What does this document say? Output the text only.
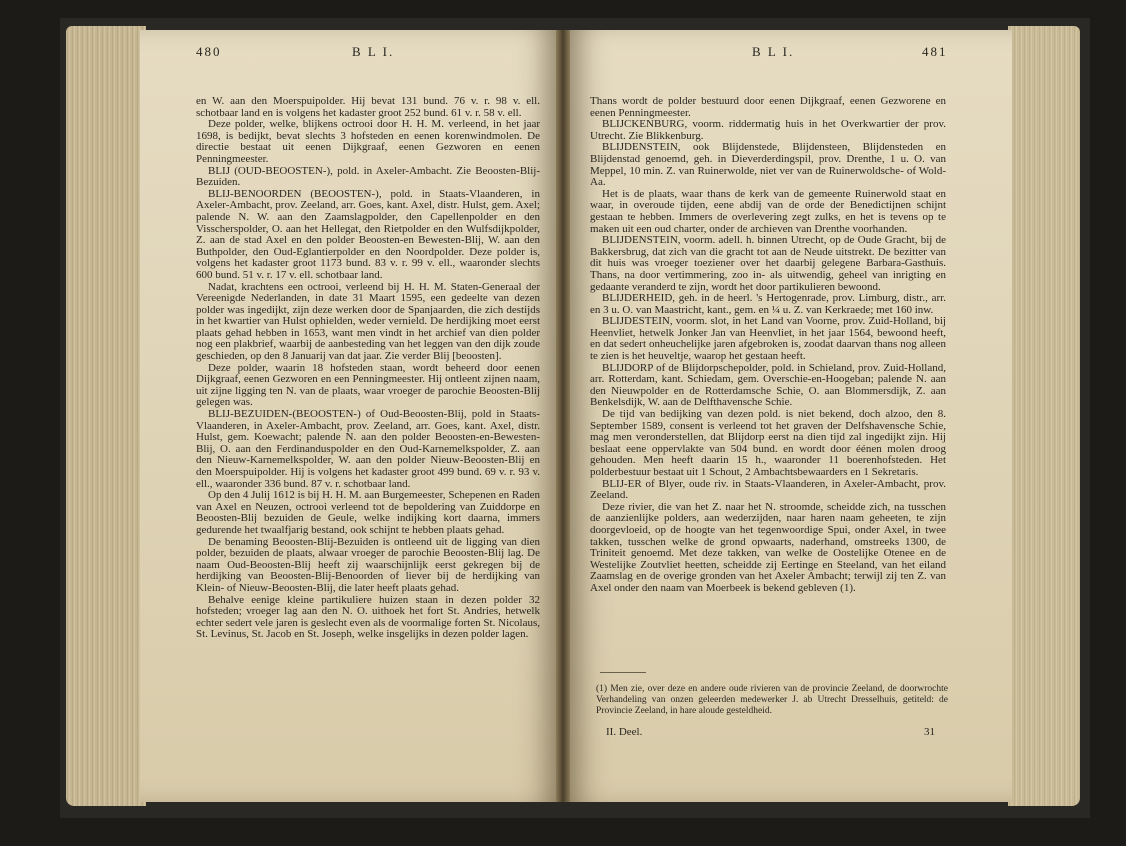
480	B L I.	B L I.	481

en W. aan den Moerspuipolder. Hij bevat 131 bund. 76 v. r. 98 v. ell. schotbaar land en is volgens het kadaster groot 252 bund. 61 v. r. 58 v. ell.

Deze polder, welke, blijkens octrooi door H. H. M. verleend, in het jaar 1698, is bedijkt, bevat slechts 3 hofsteden en eenen korenwindmolen. De directie bestaat uit eenen Dijkgraaf, eenen Gezworen en eenen Penningmeester.

BLIJ (OUD-BEOOSTEN-), pold. in Axeler-Ambacht. Zie Beoosten-Blij-Bezuiden.

BLIJ-BENOORDEN (BEOOSTEN-), pold. in Staats-Vlaanderen, in Axeler-Ambacht, prov. Zeeland, arr. Goes, kant. Axel, distr. Hulst, gem. Axel; palende N. W. aan den Zaamslagpolder, den Capellenpolder en den Visscherspolder, O. aan het Hellegat, den Rietpolder en den Wulfsdijkpolder, Z. aan de stad Axel en den polder Beoosten-en Bewesten-Blij, W. aan den Buthpolder, den Oud-Eglantierpolder en den Noordpolder. Deze polder is, volgens het kadaster groot 1173 bund. 83 v. r. 99 v. ell., waaronder slechts 600 bund. 51 v. r. 17 v. ell. schotbaar land.

Nadat, krachtens een octrooi, verleend bij H. H. M. Staten-Generaal der Vereenigde Nederlanden, in date 31 Maart 1595, een gedeelte van dezen polder was ingedijkt, zijn deze werken door de Spanjaarden, die zich destijds in het kwartier van Hulst ophielden, weder vernield. De herdijking moet eerst plaats gehad hebben in 1653, want men vindt in het archief van dien polder nog een plakbrief, waarbij de aanbesteding van het leggen van den dijk zoude geschieden, op den 8 Januarij van dat jaar. Zie verder Blij [beoosten].

Deze polder, waarin 18 hofsteden staan, wordt beheerd door eenen Dijkgraaf, eenen Gezworen en een Penningmeester. Hij ontleent zijnen naam, uit zijne ligging ten N. van de plaats, waar vroeger de parochie Beoosten-Blij gelegen was.

BLIJ-BEZUIDEN-(BEOOSTEN-) of Oud-Beoosten-Blij, pold in Staats-Vlaanderen, in Axeler-Ambacht, prov. Zeeland, arr. Goes, kant. Axel, distr. Hulst, gem. Koewacht; palende N. aan den polder Beoosten-en-Bewesten-Blij, O. aan den Ferdinanduspolder en den Oud-Karnemelkspolder, Z. aan den Nieuw-Karnemelkspolder, W. aan den polder Nieuw-Beoosten-Blij en den Moerspuipolder. Hij is volgens het kadaster groot 499 bund. 69 v. r. 93 v. ell., waaronder 336 bund. 87 v. r. schotbaar land.

Op den 4 Julij 1612 is bij H. H. M. aan Burgemeester, Schepenen en Raden van Axel en Neuzen, octrooi verleend tot de bepoldering van Zuiddorpe en Beoosten-Blij bezuiden de Geule, welke indijking kort daarna, immers gedurende het twaalfjarig bestand, ook schijnt te hebben plaats gehad.

De benaming Beoosten-Blij-Bezuiden is ontleend uit de ligging van dien polder, bezuiden de plaats, alwaar vroeger de parochie Beoosten-Blij lag. De naam Oud-Beoosten-Blij heeft zij waarschijnlijk eerst gekregen bij de herdijking van Beoosten-Blij-Benoorden of liever bij de herdijking van Klein- of Nieuw-Beoosten-Blij, die later heeft plaats gehad.

Behalve eenige kleine partikuliere huizen staan in dezen polder 32 hofsteden; vroeger lag aan den N. O. uithoek het fort St. Andries, hetwelk echter sedert vele jaren is geslecht even als de voormalige forten St. Nicolaus, St. Levinus, St. Jacob en St. Joseph, welke insgelijks in dezen polder lagen.

Thans wordt de polder bestuurd door eenen Dijkgraaf, eenen Gezworene en eenen Penningmeester.

BLIJCKENBURG, voorm. riddermatig huis in het Overkwartier der prov. Utrecht. Zie Blikkenburg.

BLIJDENSTEIN, ook Blijdenstede, Blijdensteen, Blijdensteden en Blijdenstad genoemd, geh. in Dieverderdingspil, prov. Drenthe, 1 u. O. van Meppel, 10 min. Z. van Ruinerwolde, niet ver van de Ruinerwoldsche- of Wold-Aa.

Het is de plaats, waar thans de kerk van de gemeente Ruinerwold staat en waar, in overoude tijden, eene abdij van de orde der Benedictijnen schijnt gestaan te hebben. Immers de overlevering zegt zulks, en het is tevens op te maken uit een oud charter, onder de archieven van Drenthe voorhanden.

BLIJDENSTEIN, voorm. adell. h. binnen Utrecht, op de Oude Gracht, bij de Bakkersbrug, dat zich van die gracht tot aan de Neude uitstrekt. De bezitter van dit huis was vroeger toeziener over het daarbij gelegene Barbara-Gasthuis. Thans, na door vertimmering, zoo in- als uitwendig, geheel van inrigting en gedaante veranderd te zijn, wordt het door partikulieren bewoond.

BLIJDERHEID, geh. in de heerl. 's Hertogenrade, prov. Limburg, distr., arr. en 3 u. O. van Maastricht, kant., gem. en ¼ u. Z. van Kerkraede; met 160 inw.

BLIJDESTEIN, voorm. slot, in het Land van Voorne, prov. Zuid-Holland, bij Heenvliet, hetwelk Jonker Jan van Heenvliet, in het jaar 1564, bewoond heeft, en dat sedert onheuchelijke jaren afgebroken is, zoodat daarvan thans nog alleen te zien is het heuveltje, waarop het gestaan heeft.

BLIJDORP of de Blijdorpschepolder, pold. in Schieland, prov. Zuid-Holland, arr. Rotterdam, kant. Schiedam, gem. Overschie-en-Hoogeban; palende N. aan den Nieuwpolder en de Rotterdamsche Schie, O. aan Blommersdijk, Z. aan Benkelsdijk, W. aan de Delfthavensche Schie.

De tijd van bedijking van dezen pold. is niet bekend, doch alzoo, den 8. September 1589, consent is verleend tot het graven der Delfshavensche Schie, mag men veronderstellen, dat Blijdorp eerst na dien tijd zal ingedijkt zijn. Hij beslaat eene oppervlakte van 504 bund. en wordt door éénen molen droog gehouden. Men heeft daarin 15 h., waaronder 11 boerenhofsteden. Het polderbestuur bestaat uit 1 Schout, 2 Ambachtsbewaarders en 1 Sekretaris.

BLIJ-ER of Blyer, oude riv. in Staats-Vlaanderen, in Axeler-Ambacht, prov. Zeeland.

Deze rivier, die van het Z. naar het N. stroomde, scheidde zich, na tusschen de aanzienlijke polders, aan wederzijden, naar haren naam geheeten, te zijn doorgevloeid, op de hoogte van het tegenwoordige Spui, onder Axel, in twee takken, tusschen welke de grond opwaarts, naderhand, omstreeks 1300, de Triniteit genoemd. Met deze takken, van welke de Oostelijke Otenee en de Westelijke Zoutvliet heetten, scheidde zij Eertinge en Steeland, van het eiland Zaamslag en de overige gronden van het Axeler Ambacht; terwijl zij ten Z. van Axel onder den naam van Moerbeek is bekend gebleven (1).

(1) Men zie, over deze en andere oude rivieren van de provincie Zeeland, de doorwrochte Verhandeling van onzen geleerden medewerker J. ab Utrecht Dresselhuis, getiteld: de Provincie Zeeland, in hare aloude gesteldheid.
II. Deel.	31
